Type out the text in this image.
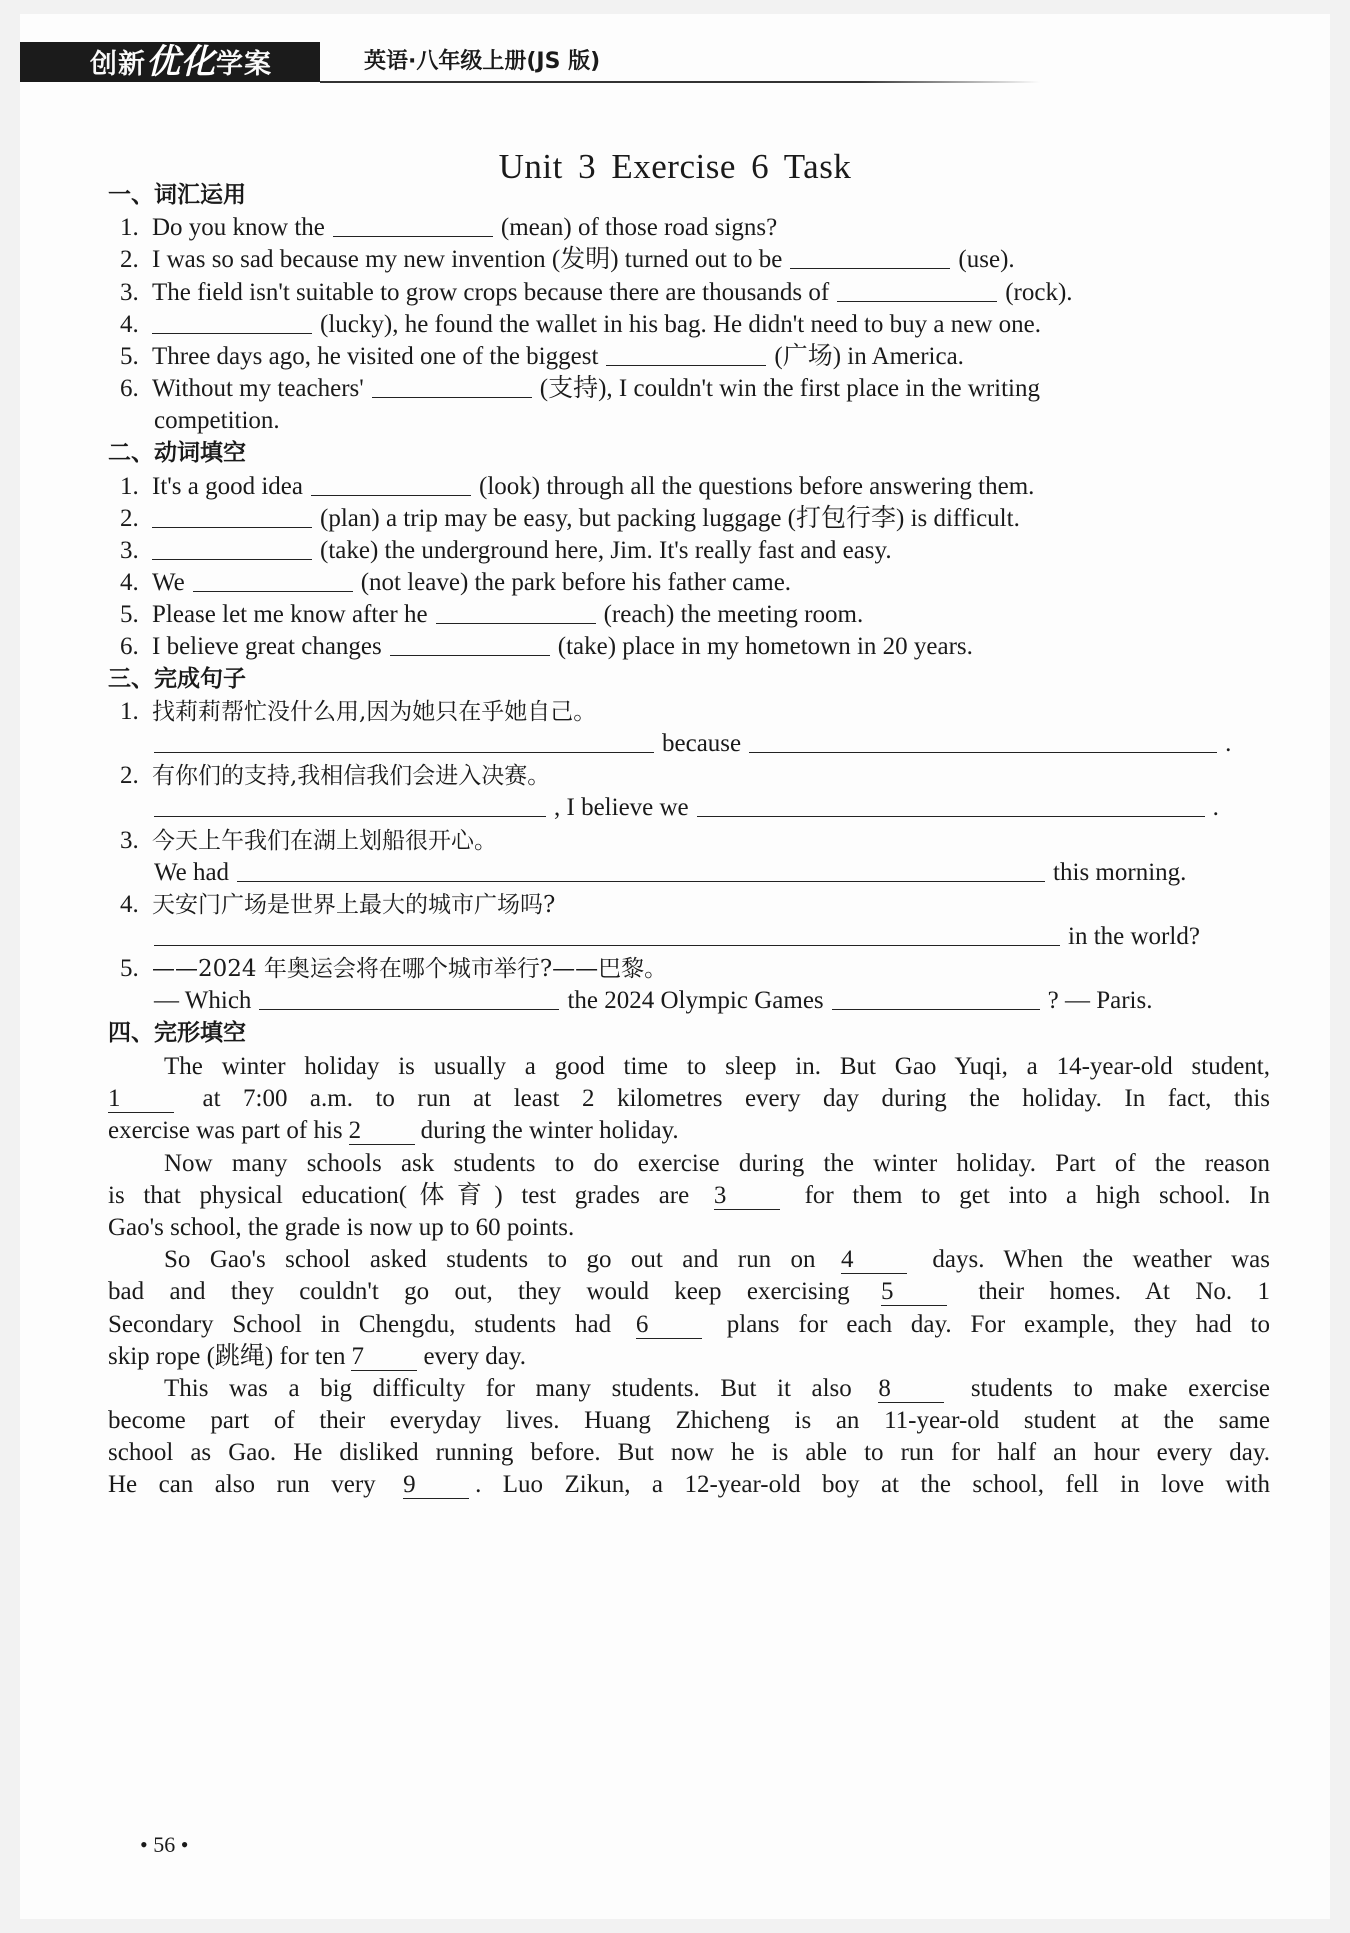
创新优化学案	英语·八年级上册(JS 版)
Unit 3 Exercise 6 Task
一、词汇运用
1. Do you know the	(mean) of those road signs?
2. I was so sad because my new invention (发明) turned out to be	(use).
3. The field isn't suitable to grow crops because there are thousands of	(rock).
4.	(lucky), he found the wallet in his bag. He didn't need to buy a new one.
5. Three days ago, he visited one of the biggest	(广场) in America.
6. Without my teachers'	(支持), I couldn't win the first place in the writing
competition.
二、动词填空
1. It's a good idea	(look) through all the questions before answering them.
2.	(plan) a trip may be easy, but packing luggage (打包行李) is difficult.
3.	(take) the underground here, Jim. It's really fast and easy.
4. We	(not leave) the park before his father came.
5. Please let me know after he	(reach) the meeting room.
6. I believe great changes	(take) place in my hometown in 20 years.
三、完成句子
1. 找莉莉帮忙没什么用,因为她只在乎她自己。
because	.
2. 有你们的支持,我相信我们会进入决赛。
, I believe we	.
3. 今天上午我们在湖上划船很开心。
We had	this morning.
4. 天安门广场是世界上最大的城市广场吗?
in the world?
5. ——2024 年奥运会将在哪个城市举行?——巴黎。
— Which	the 2024 Olympic Games	? — Paris.
四、完形填空
The winter holiday is usually a good time to sleep in. But Gao Yuqi, a 14-year-old student,
1	at 7:00 a.m. to run at least 2 kilometres every day during the holiday. In fact, this
exercise was part of his 2 during the winter holiday.
Now many schools ask students to do exercise during the winter holiday. Part of the reason
is that physical education(体育) test grades are 3	for them to get into a high school. In
Gao's school, the grade is now up to 60 points.
So Gao's school asked students to go out and run on 4	days. When the weather was
bad and they couldn't go out, they would keep exercising 5	their homes. At No. 1
Secondary School in Chengdu, students had 6	plans for each day. For example, they had to
skip rope (跳绳) for ten 7 every day.
This was a big difficulty for many students. But it also 8	students to make exercise
become part of their everyday lives. Huang Zhicheng is an 11-year-old student at the same
school as Gao. He disliked running before. But now he is able to run for half an hour every day.
He can also run very 9 . Luo Zikun, a 12-year-old boy at the school, fell in love with
• 56 •
